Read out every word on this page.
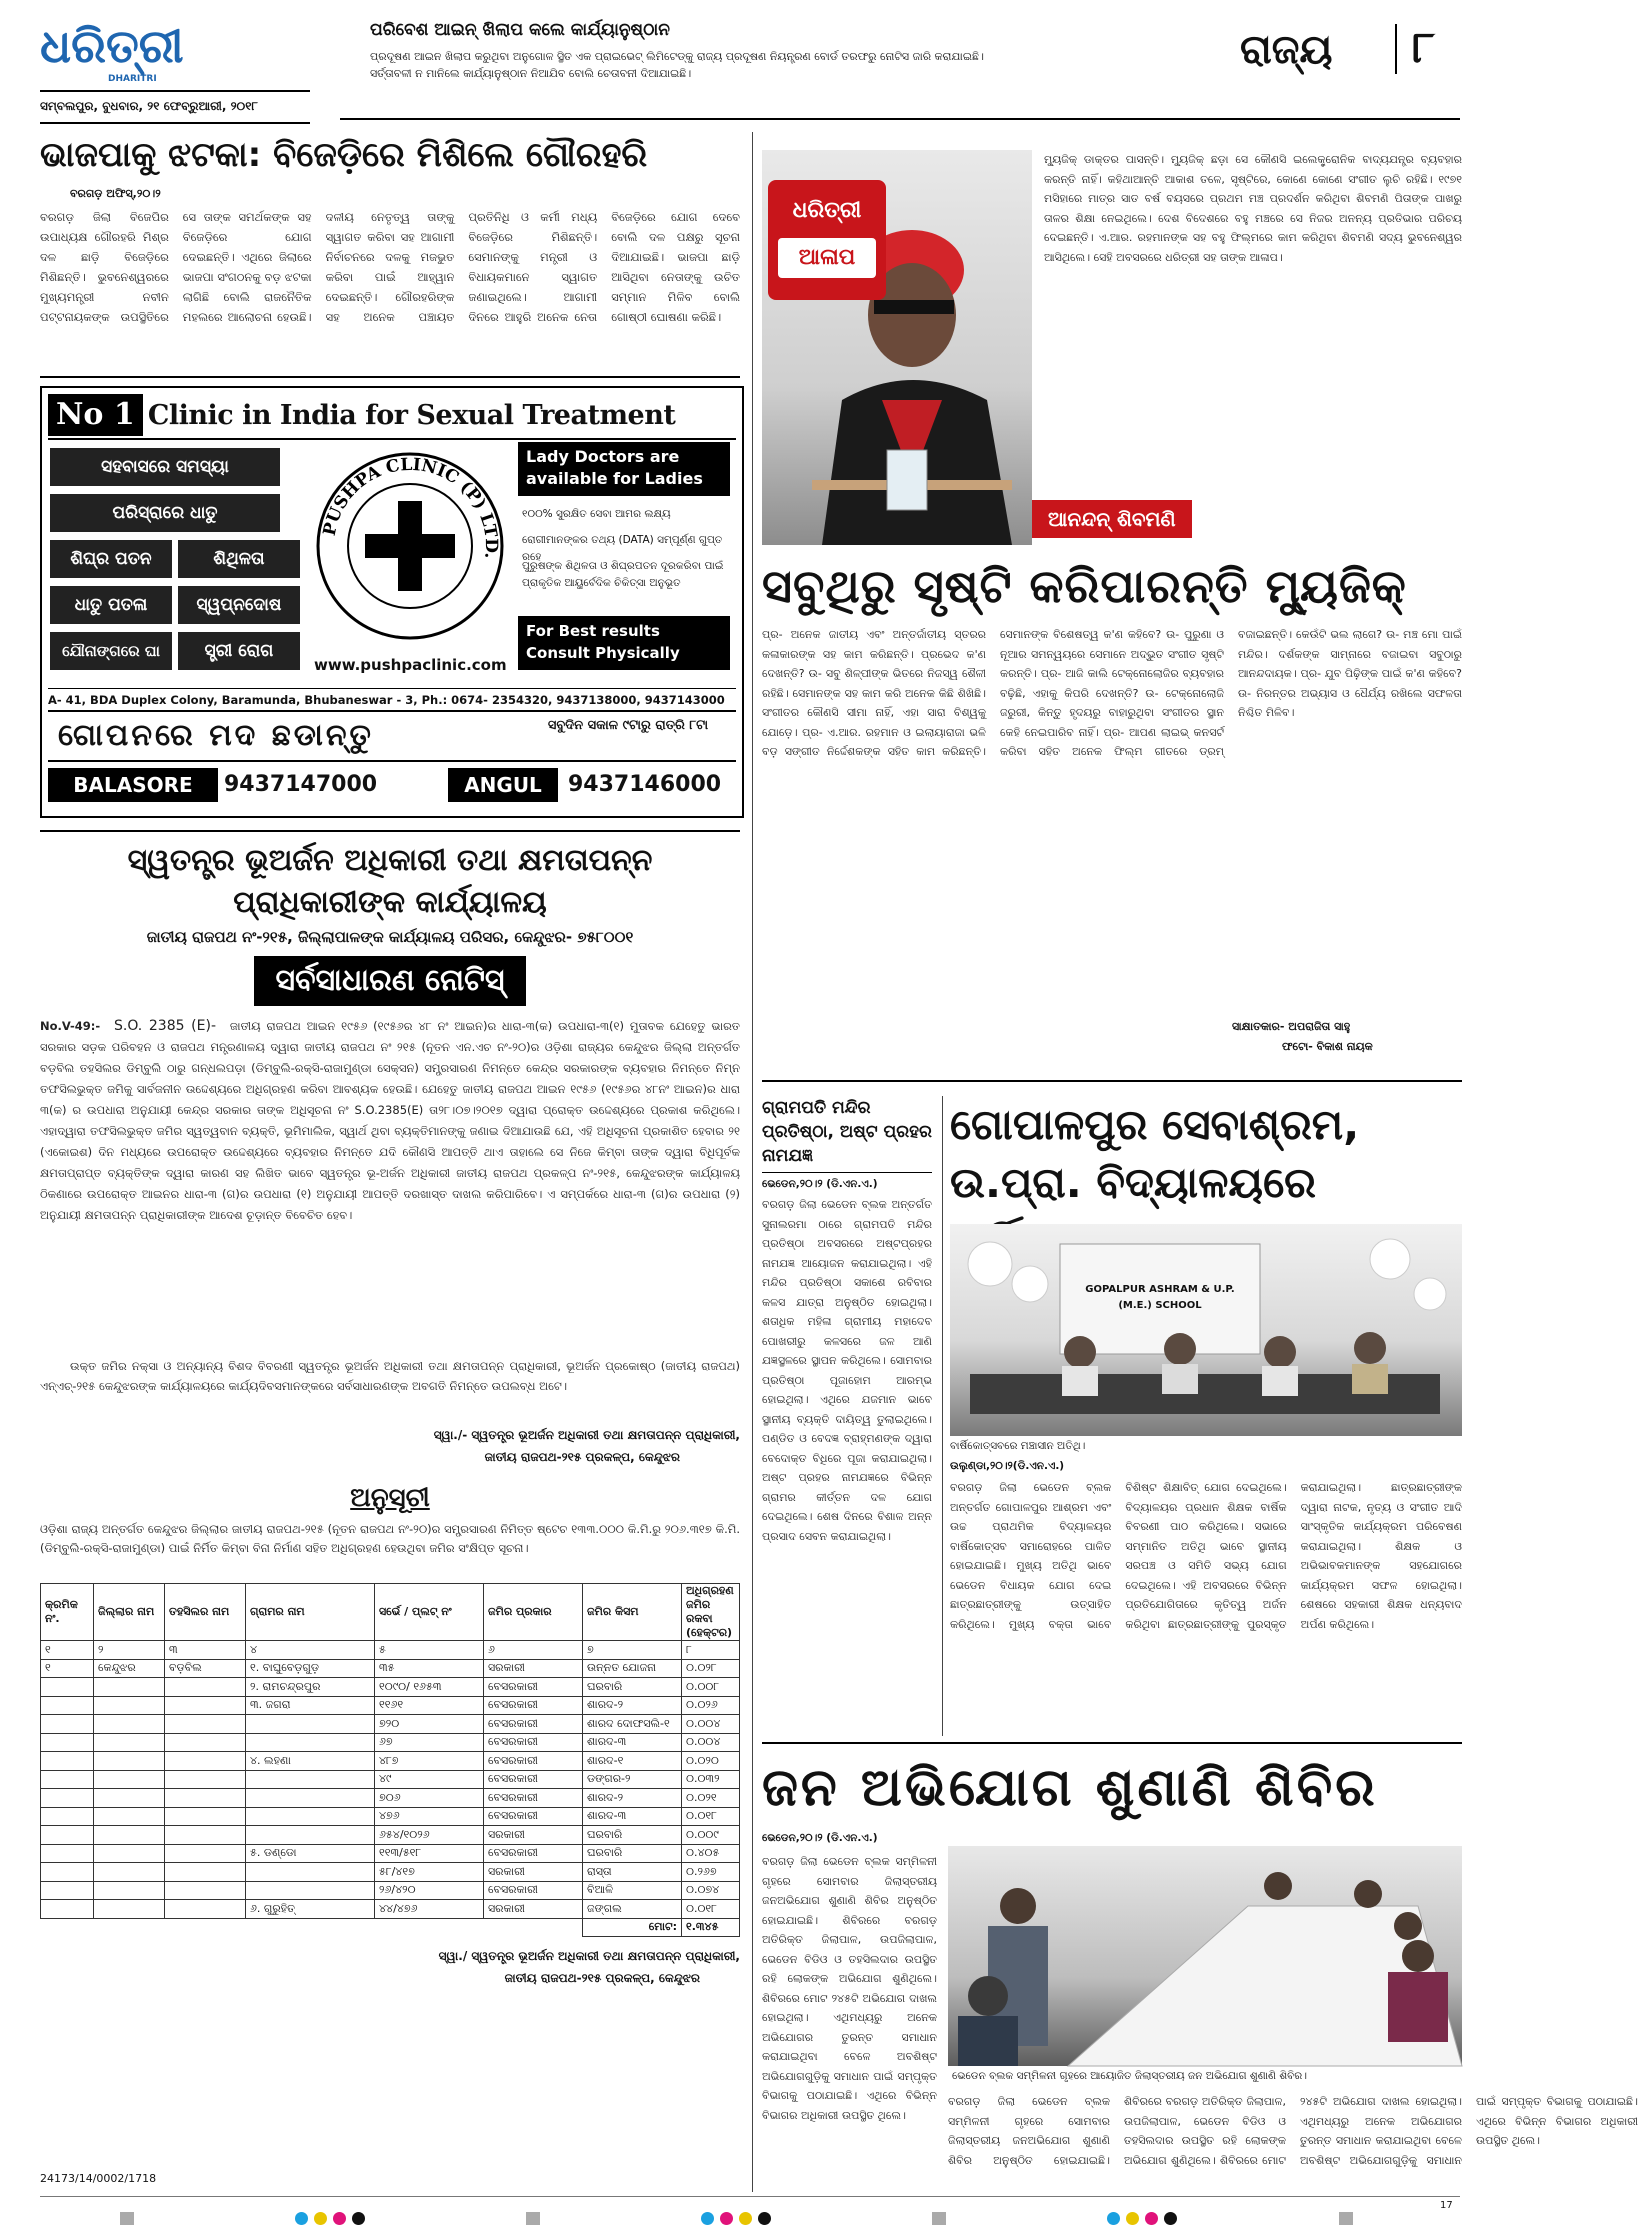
ଧରିତ୍ରୀ
DHARITRI
ସମ୍ବଲପୁର, ବୁଧବାର, ୨୧ ଫେବ୍ରୁଆରୀ, ୨୦୧୮
ପରିବେଶ ଆଇନ୍ ଖିଲାପ କଲେ କାର୍ଯ୍ୟାନୁଷ୍ଠାନ
ପ୍ରଦୂଷଣ ଆଇନ ଖିଲାପ କରୁଥିବା ଅନୁଗୋଳ ସ୍ଥିତ ଏକ ପ୍ରାଇଭେଟ୍ ଲିମିଟେଡ୍‌କୁ ରାଜ୍ୟ ପ୍ରଦୂଷଣ ନିୟନ୍ତ୍ରଣ ବୋର୍ଡ ତରଫରୁ ନୋଟିସ ଜାରି କରାଯାଇଛି। ସର୍ତ୍ତାବଳୀ ନ ମାନିଲେ କାର୍ଯ୍ୟାନୁଷ୍ଠାନ ନିଆଯିବ ବୋଲି ଚେତାବନୀ ଦିଆଯାଇଛି।
ରାଜ୍ୟ ୮
ଭାଜପାକୁ ଝଟକା: ବିଜେଡ଼ିରେ ମିଶିଲେ ଗୌରହରି
ବରଗଡ଼ ଅଫିସ୍,୨୦।୨
ବରଗଡ଼ ଜିଲା ବିଜେପିର ଉପାଧ୍ୟକ୍ଷ ଗୌରହରି ମିଶ୍ର ଦଳ ଛାଡ଼ି ବିଜେଡ଼ିରେ ମିଶିଛନ୍ତି। ଭୁବନେଶ୍ୱରରେ ମୁଖ୍ୟମନ୍ତ୍ରୀ ନବୀନ ପଟ୍ଟନାୟକଙ୍କ ଉପସ୍ଥିତିରେ ସେ ତାଙ୍କ ସମର୍ଥକଙ୍କ ସହ ବିଜେଡ଼ିରେ ଯୋଗ ଦେଇଛନ୍ତି। ଏଥିରେ ଜିଲାରେ ଭାଜପା ସଂଗଠନକୁ ବଡ଼ ଝଟକା ଲାଗିଛି ବୋଲି ରାଜନୈତିକ ମହଲରେ ଆଲୋଚନା ହେଉଛି। ଦଳୀୟ ନେତୃତ୍ୱ ତାଙ୍କୁ ସ୍ୱାଗତ କରିବା ସହ ଆଗାମୀ ନିର୍ବାଚନରେ ଦଳକୁ ମଜଭୁତ କରିବା ପାଇଁ ଆହ୍ୱାନ ଦେଇଛନ୍ତି। ଗୌରହରିଙ୍କ ସହ ଅନେକ ପଞ୍ଚାୟତ ପ୍ରତିନିଧି ଓ କର୍ମୀ ମଧ୍ୟ ବିଜେଡ଼ିରେ ମିଶିଛନ୍ତି। ସେମାନଙ୍କୁ ମନ୍ତ୍ରୀ ଓ ବିଧାୟକମାନେ ସ୍ୱାଗତ ଜଣାଇଥିଲେ। ଆଗାମୀ ଦିନରେ ଆହୁରି ଅନେକ ନେତା ବିଜେଡ଼ିରେ ଯୋଗ ଦେବେ ବୋଲି ଦଳ ପକ୍ଷରୁ ସୂଚନା ଦିଆଯାଇଛି। ଭାଜପା ଛାଡ଼ି ଆସିଥିବା ନେତାଙ୍କୁ ଉଚିତ ସମ୍ମାନ ମିଳିବ ବୋଲି ଗୋଷ୍ଠୀ ଘୋଷଣା କରିଛି।
No 1 Clinic in India for Sexual Treatment
ସହବାସରେ ସମସ୍ୟା
ପରିସ୍ରାରେ ଧାତୁ
ଶିଘ୍ର ପତନ	ଶିଥିଳତା
ଧାତୁ ପତଳା	ସ୍ୱପ୍ନଦୋଷ
ଯୌନାଙ୍ଗରେ ଘା	ସ୍ତ୍ରୀ ରୋଗ
PUSHPA CLINIC (P) LTD.
www.pushpaclinic.com
Lady Doctors are available for Ladies
୧୦୦% ସୁରକ୍ଷିତ ସେବା ଆମର ଲକ୍ଷ୍ୟ
ରୋଗୀମାନଙ୍କର ତଥ୍ୟ (DATA) ସମ୍ପୂର୍ଣ୍ଣ ଗୁପ୍ତ ରହେ
ପୁରୁଷଙ୍କ ଶିଥିଳତା ଓ ଶିଘ୍ରପତନ ଦୂରକରିବା ପାଇଁ ପ୍ରାକୃତିକ ଆୟୁର୍ବେଦିକ ଚିକିତ୍ସା ଅନୁଭୂତ
For Best results Consult Physically
A- 41, BDA Duplex Colony, Baramunda, Bhubaneswar - 3, Ph.: 0674- 2354320, 9437138000, 9437143000
ଗୋପନରେ ମଦ ଛଡାନ୍ତୁ	ସବୁଦିନ ସକାଳ ୯ଟାରୁ ରାତ୍ରି ୮ଟା
BALASORE	9437147000	ANGUL	9437146000
ସ୍ୱତନ୍ତ୍ର ଭୂଅର୍ଜନ ଅଧିକାରୀ ତଥା କ୍ଷମତାପନ୍ନ
ପ୍ରାଧିକାରୀଙ୍କ କାର୍ଯ୍ୟାଳୟ
ଜାତୀୟ ରାଜପଥ ନଂ-୨୧୫, ଜିଲ୍ଲାପାଳଙ୍କ କାର୍ଯ୍ୟାଳୟ ପରିସର, କେନ୍ଦୁଝର- ୭୫୮୦୦୧
ସର୍ବସାଧାରଣ ନୋଟିସ୍
No.V-49:- S.O. 2385 (E)- ଜାତୀୟ ରାଜପଥ ଆଇନ ୧୯୫୬ (୧୯୫୬ର ୪୮ ନଂ ଆଇନ)ର ଧାରା-୩(କ) ଉପଧାରା-୩(୧) ମୁତାବକ ଯେହେତୁ ଭାରତ ସରକାର ସଡ଼କ ପରିବହନ ଓ ରାଜପଥ ମନ୍ତ୍ରଣାଳୟ ଦ୍ୱାରା ଜାତୀୟ ରାଜପଥ ନଂ ୨୧୫ (ନୂତନ ଏନ.ଏଚ ନଂ-୨୦)ର ଓଡ଼ିଶା ରାଜ୍ୟର କେନ୍ଦୁଝର ଜିଲ୍ଲା ଅନ୍ତର୍ଗତ ବଡ଼ବିଲ ତହସିଲର ଡିମ୍ବୁଲି ଠାରୁ ଗନ୍ଧଲପଡ଼ା (ଡିମ୍ବୁଲି-ରକ୍ସି-ରାଜାମୁଣ୍ଡା ସେକ୍ସନ) ସମ୍ପ୍ରସାରଣ ନିମନ୍ତେ କେନ୍ଦ୍ର ସରକାରଙ୍କ ବ୍ୟବହାର ନିମନ୍ତେ ନିମ୍ନ ତଫସିଲଭୁକ୍ତ ଜମିକୁ ସାର୍ବଜନୀନ ଉଦ୍ଦେଶ୍ୟରେ ଅଧିଗ୍ରହଣ କରିବା ଆବଶ୍ୟକ ହେଉଛି। ଯେହେତୁ ଜାତୀୟ ରାଜପଥ ଆଇନ ୧୯୫୬ (୧୯୫୬ର ୪୮ନଂ ଆଇନ)ର ଧାରା ୩(କ) ର ଉପଧାରା ଅନୁଯାୟୀ କେନ୍ଦ୍ର ସରକାର ତାଙ୍କ ଅଧିସୂଚନା ନଂ S.O.2385(E) ତା୨୮।୦୭।୨୦୧୭ ଦ୍ୱାରା ପ୍ରୋକ୍ତ ଉଦ୍ଦେଶ୍ୟରେ ପ୍ରକାଶ କରିଥିଲେ। ଏହାଦ୍ୱାରା ତଫସିଲଭୁକ୍ତ ଜମିର ସ୍ୱତ୍ୱବାନ ବ୍ୟକ୍ତି, ଭୂମିମାଲିକ, ସ୍ୱାର୍ଥ ଥିବା ବ୍ୟକ୍ତିମାନଙ୍କୁ ଜଣାଇ ଦିଆଯାଉଛି ଯେ, ଏହି ଅଧିସୂଚନା ପ୍ରକାଶିତ ହେବାର ୨୧ (ଏକୋଇଶ) ଦିନ ମଧ୍ୟରେ ଉପରୋକ୍ତ ଉଦ୍ଦେଶ୍ୟରେ ବ୍ୟବହାର ନିମନ୍ତେ ଯଦି କୌଣସି ଆପତ୍ତି ଥାଏ ତାହାଲେ ସେ ନିଜେ କିମ୍ବା ତାଙ୍କ ଦ୍ୱାରା ବିଧିପୂର୍ବକ କ୍ଷମତାପ୍ରାପ୍ତ ବ୍ୟକ୍ତିଙ୍କ ଦ୍ୱାରା କାରଣ ସହ ଲିଖିତ ଭାବେ ସ୍ୱତନ୍ତ୍ର ଭୂ-ଅର୍ଜନ ଅଧିକାରୀ ଜାତୀୟ ରାଜପଥ ପ୍ରକଳ୍ପ ନଂ-୨୧୫, କେନ୍ଦୁଝରଙ୍କ କାର୍ଯ୍ୟାଳୟ ଠିକଣାରେ ଉପରୋକ୍ତ ଆଇନର ଧାରା-୩ (ଗ)ର ଉପଧାରା (୧) ଅନୁଯାୟୀ ଆପତ୍ତି ଦରଖାସ୍ତ ଦାଖଲ କରିପାରିବେ। ଏ ସମ୍ପର୍କରେ ଧାରା-୩ (ଗ)ର ଉପଧାରା (୨) ଅନୁଯାୟୀ କ୍ଷମତାପନ୍ନ ପ୍ରାଧିକାରୀଙ୍କ ଆଦେଶ ଚୂଡ଼ାନ୍ତ ବିବେଚିତ ହେବ।
ଉକ୍ତ ଜମିର ନକ୍ସା ଓ ଅନ୍ୟାନ୍ୟ ବିଶଦ ବିବରଣୀ ସ୍ୱତନ୍ତ୍ର ଭୂଅର୍ଜନ ଅଧିକାରୀ ତଥା କ୍ଷମତାପନ୍ନ ପ୍ରାଧିକାରୀ, ଭୂଅର୍ଜନ ପ୍ରକୋଷ୍ଠ (ଜାତୀୟ ରାଜପଥ) ଏନ୍‌ଏଚ୍-୨୧୫ କେନ୍ଦୁଝରଙ୍କ କାର୍ଯ୍ୟାଳୟରେ କାର୍ଯ୍ୟଦିବସମାନଙ୍କରେ ସର୍ବସାଧାରଣଙ୍କ ଅବଗତି ନିମନ୍ତେ ଉପଲବ୍ଧ ଅଟେ।
ସ୍ୱା./- ସ୍ୱତନ୍ତ୍ର ଭୂଅର୍ଜନ ଅଧିକାରୀ ତଥା କ୍ଷମତାପନ୍ନ ପ୍ରାଧିକାରୀ,
ଜାତୀୟ ରାଜପଥ-୨୧୫ ପ୍ରକଳ୍ପ, କେନ୍ଦୁଝର
ଅନୁସୂଚୀ
ଓଡ଼ିଶା ରାଜ୍ୟ ଅନ୍ତର୍ଗତ କେନ୍ଦୁଝର ଜିଲ୍ଲାର ଜାତୀୟ ରାଜପଥ-୨୧୫ (ନୂତନ ରାଜପଥ ନଂ-୨୦)ର ସମ୍ପ୍ରସାରଣ ନିମିତ୍ତ ଷ୍ଟେଚ ୧୩୩.୦୦୦ କି.ମି.ରୁ ୨୦୬.୩୧୭ କି.ମି. (ଡିମ୍ବୁଲି-ରକ୍ସି-ରାଜାମୁଣ୍ଡା) ପାଇଁ ନିର୍ମିତ କିମ୍ବା ବିନା ନିର୍ମାଣ ସହିତ ଅଧିଗ୍ରହଣ ହେଉଥିବା ଜମିର ସଂକ୍ଷିପ୍ତ ସୂଚନା।
କ୍ରମିକ ନଂ.	ଜିଲ୍ଲାର ନାମ	ତହସିଲର ନାମ	ଗ୍ରାମର ନାମ	ସର୍ଭେ / ପ୍ଲଟ୍ ନଂ	ଜମିର ପ୍ରକାର	ଜମିର କିସମ	ଅଧିଗ୍ରହଣ ଜମିର ରକବା (ହେକ୍ଟର)
୧	୨	୩	୪	୫	୬	୭	୮
୧	କେନ୍ଦୁଝର	ବଡ଼ବିଲ	୧. ବାଘୁବେଡ଼ଗୁଡ଼	୩୫	ସରକାରୀ	ଉନ୍ନତ ଯୋଜନା	୦.୦୨୮
			୨. ରାମଚନ୍ଦ୍ରପୁର	୧୦୯୦/ ୧୬୫୩	ବେସରକାରୀ	ଘରବାରି	୦.୦୦୮
			୩. ଜଗରା	୧୧୬୧	ବେସରକାରୀ	ଶାରଦ-୨	୦.୦୨୬
				୭୨୦	ବେସରକାରୀ	ଶାରଦ ଦୋଫସଲି-୧	୦.୦୦୪
				୬୭	ବେସରକାରୀ	ଶାରଦ-୩	୦.୦୦୪
			୪. ଲହଣା	୪୮୭	ବେସରକାରୀ	ଶାରଦ-୧	୦.୦୨୦
				୪୯	ବେସରକାରୀ	ଡଙ୍ଗର-୨	୦.୦୩୨
				୭୦୬	ବେସରକାରୀ	ଶାରଦ-୨	୦.୦୨୧
				୪୭୬	ବେସରକାରୀ	ଶାରଦ-୩	୦.୦୧୮
				୬୫୪/୧୦୨୬	ସରକାରୀ	ଘରବାରି	୦.୦୦୯
			୫. ଡଣ୍ଡୋ	୧୧୩/୫୧୮	ବେସରକାରୀ	ଘରବାରି	୦.୪୦୫
				୫୮/୪୧୭	ସରକାରୀ	ରାସ୍ତା	୦.୨୬୭
				୨୬/୪୨୦	ବେସରକାରୀ	ବିଆଳି	୦.୦୭୪
			୬. ଗୁରୁହିତ୍	୪୪/୪୭୬	ସରକାରୀ	ଜଙ୍ଗଲ	୦.୦୧୮
						ମୋଟ:	୧.୩୪୫
ସ୍ୱା./ ସ୍ୱତନ୍ତ୍ର ଭୂଅର୍ଜନ ଅଧିକାରୀ ତଥା କ୍ଷମତାପନ୍ନ ପ୍ରାଧିକାରୀ,
ଜାତୀୟ ରାଜପଥ-୨୧୫ ପ୍ରକଳ୍ପ, କେନ୍ଦୁଝର
24173/14/0002/1718
ଧରିତ୍ରୀ
ଆଳାପ
ଆନନ୍ଦନ୍ ଶିବମଣି
ମ୍ୟୁଜିକ୍ ଡାକ୍ତର ପାସନ୍ତି। ମ୍ୟୁଜିକ୍ ଛଡ଼ା ସେ କୌଣସି ଇଲେକ୍ଟ୍ରୋନିକ ବାଦ୍ୟଯନ୍ତ୍ର ବ୍ୟବହାର କରନ୍ତି ନାହିଁ। କହିଥାଆନ୍ତି ଆକାଶ ତଳେ, ସୃଷ୍ଟିରେ, କୋଣେ କୋଣେ ସଂଗୀତ ଲୁଚି ରହିଛି। ୧୯୭୧ ମସିହାରେ ମାତ୍ର ସାତ ବର୍ଷ ବୟସରେ ପ୍ରଥମ ମଞ୍ଚ ପ୍ରଦର୍ଶନ କରିଥିବା ଶିବମଣି ପିତାଙ୍କ ପାଖରୁ ତାଳର ଶିକ୍ଷା ନେଇଥିଲେ। ଦେଶ ବିଦେଶରେ ବହୁ ମଞ୍ଚରେ ସେ ନିଜର ଅନନ୍ୟ ପ୍ରତିଭାର ପରିଚୟ ଦେଇଛନ୍ତି। ଏ.ଆର. ରହମାନଙ୍କ ସହ ବହୁ ଫିଲ୍ମରେ କାମ କରିଥିବା ଶିବମଣି ସଦ୍ୟ ଭୁବନେଶ୍ୱର ଆସିଥିଲେ। ସେହି ଅବସରରେ ଧରିତ୍ରୀ ସହ ତାଙ୍କ ଆଳାପ।
ସବୁଥିରୁ ସୃଷ୍ଟି କରିପାରନ୍ତି ମ୍ୟୁଜିକ୍
ପ୍ର- ଅନେକ ଜାତୀୟ ଏବଂ ଅନ୍ତର୍ଜାତୀୟ ସ୍ତରର କଳାକାରଙ୍କ ସହ କାମ କରିଛନ୍ତି। ପ୍ରଭେଦ କ'ଣ ଦେଖନ୍ତି? ଉ- ସବୁ ଶିଳ୍ପୀଙ୍କ ଭିତରେ ନିଜସ୍ୱ ଶୈଳୀ ରହିଛି। ସେମାନଙ୍କ ସହ କାମ କରି ଅନେକ କିଛି ଶିଖିଛି। ସଂଗୀତର କୌଣସି ସୀମା ନାହିଁ, ଏହା ସାରା ବିଶ୍ୱକୁ ଯୋଡ଼େ। ପ୍ର- ଏ.ଆର. ରହମାନ ଓ ଇଲାୟାରାଜା ଭଳି ବଡ଼ ସଙ୍ଗୀତ ନିର୍ଦ୍ଦେଶକଙ୍କ ସହିତ କାମ କରିଛନ୍ତି। ସେମାନଙ୍କ ବିଶେଷତ୍ୱ କ'ଣ କହିବେ? ଉ- ପୁରୁଣା ଓ ନୂଆର ସମନ୍ୱୟରେ ସେମାନେ ଅଦ୍ଭୁତ ସଂଗୀତ ସୃଷ୍ଟି କରନ୍ତି। ପ୍ର- ଆଜି କାଲି ଟେକ୍ନୋଲୋଜିର ବ୍ୟବହାର ବଢ଼ିଛି, ଏହାକୁ କିପରି ଦେଖନ୍ତି? ଉ- ଟେକ୍ନୋଲୋଜି ଜରୁରୀ, କିନ୍ତୁ ହୃଦୟରୁ ବାହାରୁଥିବା ସଂଗୀତର ସ୍ଥାନ କେହି ନେଇପାରିବ ନାହିଁ। ପ୍ର- ଆପଣ ଲାଇଭ୍ କନସର୍ଟ କରିବା ସହିତ ଅନେକ ଫିଲ୍ମ ଗୀତରେ ଡ୍ରମ୍ ବଜାଇଛନ୍ତି। କେଉଁଟି ଭଲ ଲାଗେ? ଉ- ମଞ୍ଚ ମୋ ପାଇଁ ମନ୍ଦିର। ଦର୍ଶକଙ୍କ ସାମ୍ନାରେ ବଜାଇବା ସବୁଠାରୁ ଆନନ୍ଦଦାୟକ। ପ୍ର- ଯୁବ ପିଢ଼ିଙ୍କ ପାଇଁ କ'ଣ କହିବେ? ଉ- ନିରନ୍ତର ଅଭ୍ୟାସ ଓ ଧୈର୍ଯ୍ୟ ରଖିଲେ ସଫଳତା ନିଶ୍ଚିତ ମିଳିବ।
ସାକ୍ଷାତକାର- ଅପରାଜିତା ସାହୁ
ଫଟୋ- ବିକାଶ ନାୟକ
ଗ୍ରାମପତି ମନ୍ଦିର ପ୍ରତିଷ୍ଠା, ଅଷ୍ଟ ପ୍ରହର ନାମଯଜ୍ଞ
ଭେଡେନ,୨୦।୨ (ଡି.ଏନ.ଏ.)
ବରଗଡ଼ ଜିଲା ଭେଡେନ ବ୍ଲକ ଅନ୍ତର୍ଗତ ସୁନାଲରମା ଠାରେ ଗ୍ରାମପତି ମନ୍ଦିର ପ୍ରତିଷ୍ଠା ଅବସରରେ ଅଷ୍ଟପ୍ରହର ନାମଯଜ୍ଞ ଆୟୋଜନ କରାଯାଇଥିଲା। ଏହି ମନ୍ଦିର ପ୍ରତିଷ୍ଠା ସକାଶେ ରବିବାର କଳସ ଯାତ୍ରା ଅନୁଷ୍ଠିତ ହୋଇଥିଲା। ଶତାଧିକ ମହିଳା ଗ୍ରାମୀୟ ମହାଦେବ ପୋଖରୀରୁ କଳସରେ ଜଳ ଆଣି ଯଜ୍ଞସ୍ଥଳରେ ସ୍ଥାପନ କରିଥିଲେ। ସୋମବାର ପ୍ରତିଷ୍ଠା ପୂଜାହୋମ ଆରମ୍ଭ ହୋଇଥିଲା। ଏଥିରେ ଯଜମାନ ଭାବେ ସ୍ଥାନୀୟ ବ୍ୟକ୍ତି ଦାୟିତ୍ୱ ତୁଲାଇଥିଲେ। ପଣ୍ଡିତ ଓ ବେଦଜ୍ଞ ବ୍ରାହ୍ମଣଙ୍କ ଦ୍ୱାରା ବେଦୋକ୍ତ ବିଧିରେ ପୂଜା କରାଯାଇଥିଲା। ଅଷ୍ଟ ପ୍ରହର ନାମଯଜ୍ଞରେ ବିଭିନ୍ନ ଗ୍ରାମର କୀର୍ତ୍ତନ ଦଳ ଯୋଗ ଦେଇଥିଲେ। ଶେଷ ଦିନରେ ବିଶାଳ ଅନ୍ନ ପ୍ରସାଦ ସେବନ କରାଯାଇଥିଲା।
ଗୋପାଳପୁର ସେବାଶ୍ରମ, ଉ.ପ୍ରା. ବିଦ୍ୟାଳୟରେ
GOPALPUR ASHRAM & U.P. (M.E.) SCHOOL
ବାର୍ଷିକୋତ୍ସବରେ ମଞ୍ଚାସୀନ ଅତିଥି।
ଉଲୁଣ୍ଡା,୨୦।୨(ଡି.ଏନ.ଏ.)
ବରଗଡ଼ ଜିଲା ଭେଡେନ ବ୍ଲକ ଅନ୍ତର୍ଗତ ଗୋପାଳପୁର ଆଶ୍ରମ ଏବଂ ଉଚ୍ଚ ପ୍ରାଥମିକ ବିଦ୍ୟାଳୟର ବାର୍ଷିକୋତ୍ସବ ସମାରୋହରେ ପାଳିତ ହୋଇଯାଇଛି। ମୁଖ୍ୟ ଅତିଥି ଭାବେ ଭେଡେନ ବିଧାୟକ ଯୋଗ ଦେଇ ଛାତ୍ରଛାତ୍ରୀଙ୍କୁ ଉତ୍ସାହିତ କରିଥିଲେ। ମୁଖ୍ୟ ବକ୍ତା ଭାବେ ବିଶିଷ୍ଟ ଶିକ୍ଷାବିତ୍ ଯୋଗ ଦେଇଥିଲେ। ବିଦ୍ୟାଳୟର ପ୍ରଧାନ ଶିକ୍ଷକ ବାର୍ଷିକ ବିବରଣୀ ପାଠ କରିଥିଲେ। ସଭାରେ ସମ୍ମାନିତ ଅତିଥି ଭାବେ ସ୍ଥାନୀୟ ସରପଞ୍ଚ ଓ ସମିତି ସଭ୍ୟ ଯୋଗ ଦେଇଥିଲେ। ଏହି ଅବସରରେ ବିଭିନ୍ନ ପ୍ରତିଯୋଗିତାରେ କୃତିତ୍ୱ ଅର୍ଜନ କରିଥିବା ଛାତ୍ରଛାତ୍ରୀଙ୍କୁ ପୁରସ୍କୃତ କରାଯାଇଥିଲା। ଛାତ୍ରଛାତ୍ରୀଙ୍କ ଦ୍ୱାରା ନାଟକ, ନୃତ୍ୟ ଓ ସଂଗୀତ ଆଦି ସାଂସ୍କୃତିକ କାର୍ଯ୍ୟକ୍ରମ ପରିବେଷଣ କରାଯାଇଥିଲା। ଶିକ୍ଷକ ଓ ଅଭିଭାବକମାନଙ୍କ ସହଯୋଗରେ କାର୍ଯ୍ୟକ୍ରମ ସଫଳ ହୋଇଥିଲା। ଶେଷରେ ସହକାରୀ ଶିକ୍ଷକ ଧନ୍ୟବାଦ ଅର୍ପଣ କରିଥିଲେ।
ଜନ ଅଭିଯୋଗ ଶୁଣାଣି ଶିବିର
ଭେଡେନ,୨୦।୨ (ଡି.ଏନ.ଏ.)
ବରଗଡ଼ ଜିଲା ଭେଡେନ ବ୍ଲକ ସମ୍ମିଳନୀ ଗୃହରେ ସୋମବାର ଜିଲାସ୍ତରୀୟ ଜନଅଭିଯୋଗ ଶୁଣାଣି ଶିବିର ଅନୁଷ୍ଠିତ ହୋଇଯାଇଛି। ଶିବିରରେ ବରଗଡ଼ ଅତିରିକ୍ତ ଜିଲାପାଳ, ଉପଜିଲାପାଳ, ଭେଡେନ ବିଡିଓ ଓ ତହସିଲଦାର ଉପସ୍ଥିତ ରହି ଲୋକଙ୍କ ଅଭିଯୋଗ ଶୁଣିଥିଲେ। ଶିବିରରେ ମୋଟ ୨୪୫ଟି ଅଭିଯୋଗ ଦାଖଲ ହୋଇଥିଲା। ଏଥିମଧ୍ୟରୁ ଅନେକ ଅଭିଯୋଗର ତୁରନ୍ତ ସମାଧାନ କରାଯାଇଥିବା ବେଳେ ଅବଶିଷ୍ଟ ଅଭିଯୋଗଗୁଡ଼ିକୁ ସମାଧାନ ପାଇଁ ସମ୍ପୃକ୍ତ ବିଭାଗକୁ ପଠାଯାଇଛି। ଏଥିରେ ବିଭିନ୍ନ ବିଭାଗର ଅଧିକାରୀ ଉପସ୍ଥିତ ଥିଲେ।
ଭେଡେନ ବ୍ଲକ ସମ୍ମିଳନୀ ଗୃହରେ ଆୟୋଜିତ ଜିଲାସ୍ତରୀୟ ଜନ ଅଭିଯୋଗ ଶୁଣାଣି ଶିବିର।
ବରଗଡ଼ ଜିଲା ଭେଡେନ ବ୍ଲକ ସମ୍ମିଳନୀ ଗୃହରେ ସୋମବାର ଜିଲାସ୍ତରୀୟ ଜନଅଭିଯୋଗ ଶୁଣାଣି ଶିବିର ଅନୁଷ୍ଠିତ ହୋଇଯାଇଛି। ଶିବିରରେ ବରଗଡ଼ ଅତିରିକ୍ତ ଜିଲାପାଳ, ଉପଜିଲାପାଳ, ଭେଡେନ ବିଡିଓ ଓ ତହସିଲଦାର ଉପସ୍ଥିତ ରହି ଲୋକଙ୍କ ଅଭିଯୋଗ ଶୁଣିଥିଲେ। ଶିବିରରେ ମୋଟ ୨୪୫ଟି ଅଭିଯୋଗ ଦାଖଲ ହୋଇଥିଲା। ଏଥିମଧ୍ୟରୁ ଅନେକ ଅଭିଯୋଗର ତୁରନ୍ତ ସମାଧାନ କରାଯାଇଥିବା ବେଳେ ଅବଶିଷ୍ଟ ଅଭିଯୋଗଗୁଡ଼ିକୁ ସମାଧାନ ପାଇଁ ସମ୍ପୃକ୍ତ ବିଭାଗକୁ ପଠାଯାଇଛି। ଏଥିରେ ବିଭିନ୍ନ ବିଭାଗର ଅଧିକାରୀ ଉପସ୍ଥିତ ଥିଲେ।
17
